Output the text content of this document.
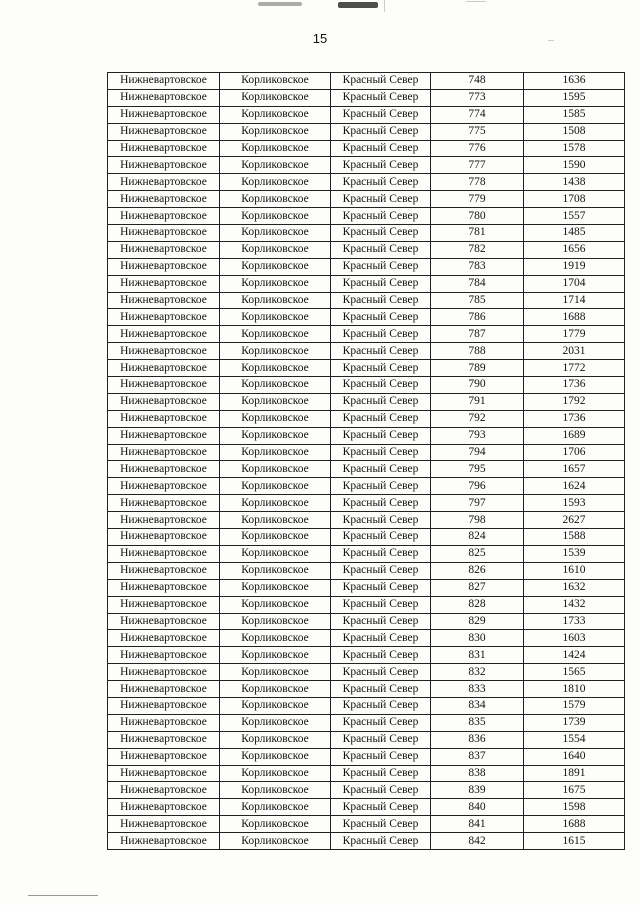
15
Нижневартовское	Корликовское	Красный Север	748	1636
Нижневартовское	Корликовское	Красный Север	773	1595
Нижневартовское	Корликовское	Красный Север	774	1585
Нижневартовское	Корликовское	Красный Север	775	1508
Нижневартовское	Корликовское	Красный Север	776	1578
Нижневартовское	Корликовское	Красный Север	777	1590
Нижневартовское	Корликовское	Красный Север	778	1438
Нижневартовское	Корликовское	Красный Север	779	1708
Нижневартовское	Корликовское	Красный Север	780	1557
Нижневартовское	Корликовское	Красный Север	781	1485
Нижневартовское	Корликовское	Красный Север	782	1656
Нижневартовское	Корликовское	Красный Север	783	1919
Нижневартовское	Корликовское	Красный Север	784	1704
Нижневартовское	Корликовское	Красный Север	785	1714
Нижневартовское	Корликовское	Красный Север	786	1688
Нижневартовское	Корликовское	Красный Север	787	1779
Нижневартовское	Корликовское	Красный Север	788	2031
Нижневартовское	Корликовское	Красный Север	789	1772
Нижневартовское	Корликовское	Красный Север	790	1736
Нижневартовское	Корликовское	Красный Север	791	1792
Нижневартовское	Корликовское	Красный Север	792	1736
Нижневартовское	Корликовское	Красный Север	793	1689
Нижневартовское	Корликовское	Красный Север	794	1706
Нижневартовское	Корликовское	Красный Север	795	1657
Нижневартовское	Корликовское	Красный Север	796	1624
Нижневартовское	Корликовское	Красный Север	797	1593
Нижневартовское	Корликовское	Красный Север	798	2627
Нижневартовское	Корликовское	Красный Север	824	1588
Нижневартовское	Корликовское	Красный Север	825	1539
Нижневартовское	Корликовское	Красный Север	826	1610
Нижневартовское	Корликовское	Красный Север	827	1632
Нижневартовское	Корликовское	Красный Север	828	1432
Нижневартовское	Корликовское	Красный Север	829	1733
Нижневартовское	Корликовское	Красный Север	830	1603
Нижневартовское	Корликовское	Красный Север	831	1424
Нижневартовское	Корликовское	Красный Север	832	1565
Нижневартовское	Корликовское	Красный Север	833	1810
Нижневартовское	Корликовское	Красный Север	834	1579
Нижневартовское	Корликовское	Красный Север	835	1739
Нижневартовское	Корликовское	Красный Север	836	1554
Нижневартовское	Корликовское	Красный Север	837	1640
Нижневартовское	Корликовское	Красный Север	838	1891
Нижневартовское	Корликовское	Красный Север	839	1675
Нижневартовское	Корликовское	Красный Север	840	1598
Нижневартовское	Корликовское	Красный Север	841	1688
Нижневартовское	Корликовское	Красный Север	842	1615
